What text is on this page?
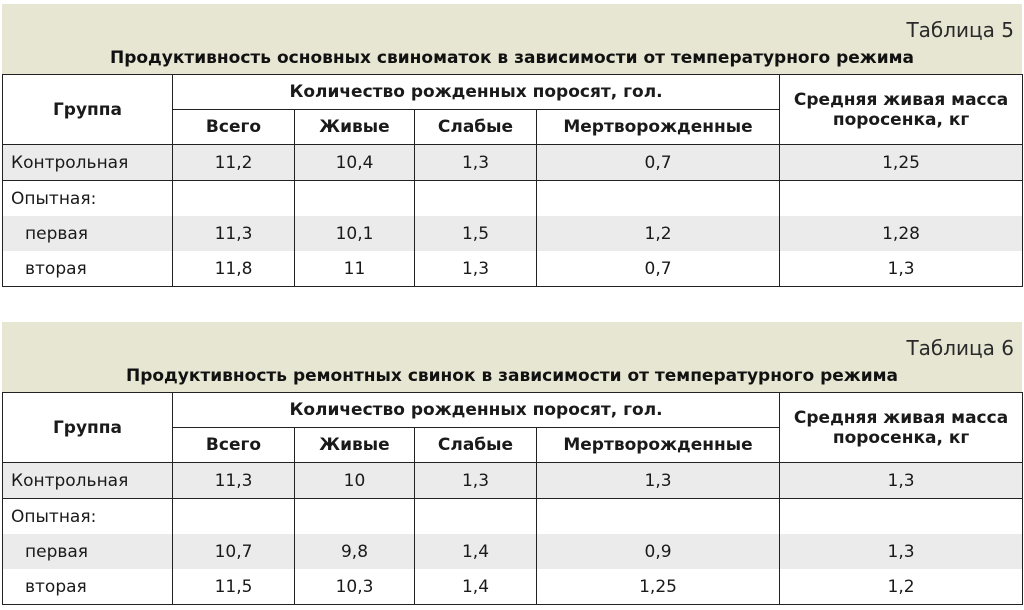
Таблица 5
Продуктивность основных свиноматок в зависимости от температурного режима
Группа	Количество рожденных поросят, гол.				Средняя живая масса поросенка, кг
	Всего	Живые	Слабые	Мертворожденные	
Контрольная	11,2	10,4	1,3	0,7	1,25
Опытная:					
первая	11,3	10,1	1,5	1,2	1,28
вторая	11,8	11	1,3	0,7	1,3
Таблица 6
Продуктивность ремонтных свинок в зависимости от температурного режима
Группа	Количество рожденных поросят, гол.				Средняя живая масса поросенка, кг
	Всего	Живые	Слабые	Мертворожденные	
Контрольная	11,3	10	1,3	1,3	1,3
Опытная:					
первая	10,7	9,8	1,4	0,9	1,3
вторая	11,5	10,3	1,4	1,25	1,2
